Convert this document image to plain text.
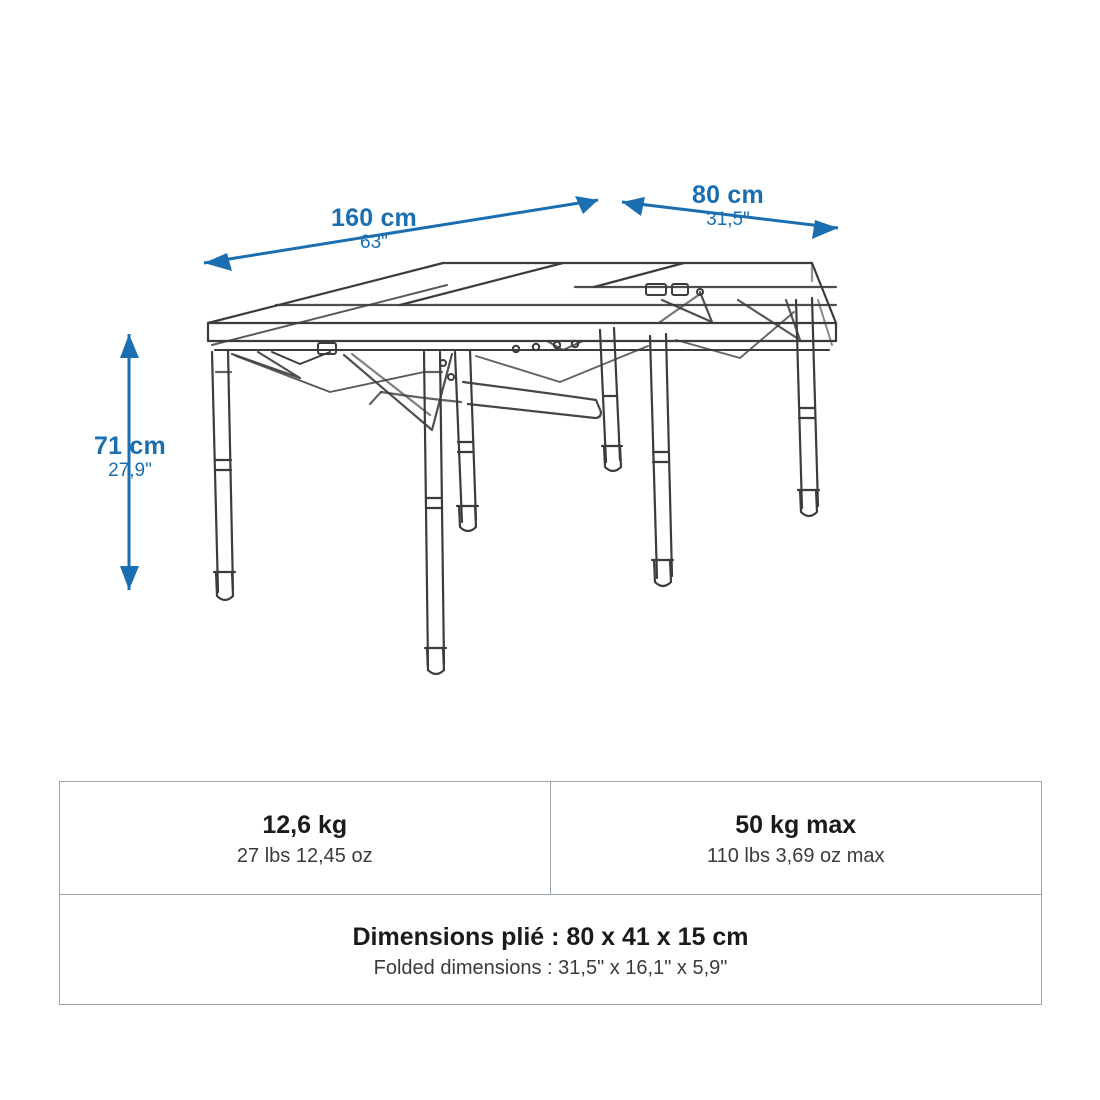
160 cm
63"
80 cm
31,5"
71 cm
27,9"
12,6 kg
27 lbs 12,45 oz
50 kg max
110 lbs 3,69 oz max
Dimensions plié : 80 x 41 x 15 cm
Folded dimensions : 31,5" x 16,1" x 5,9"
